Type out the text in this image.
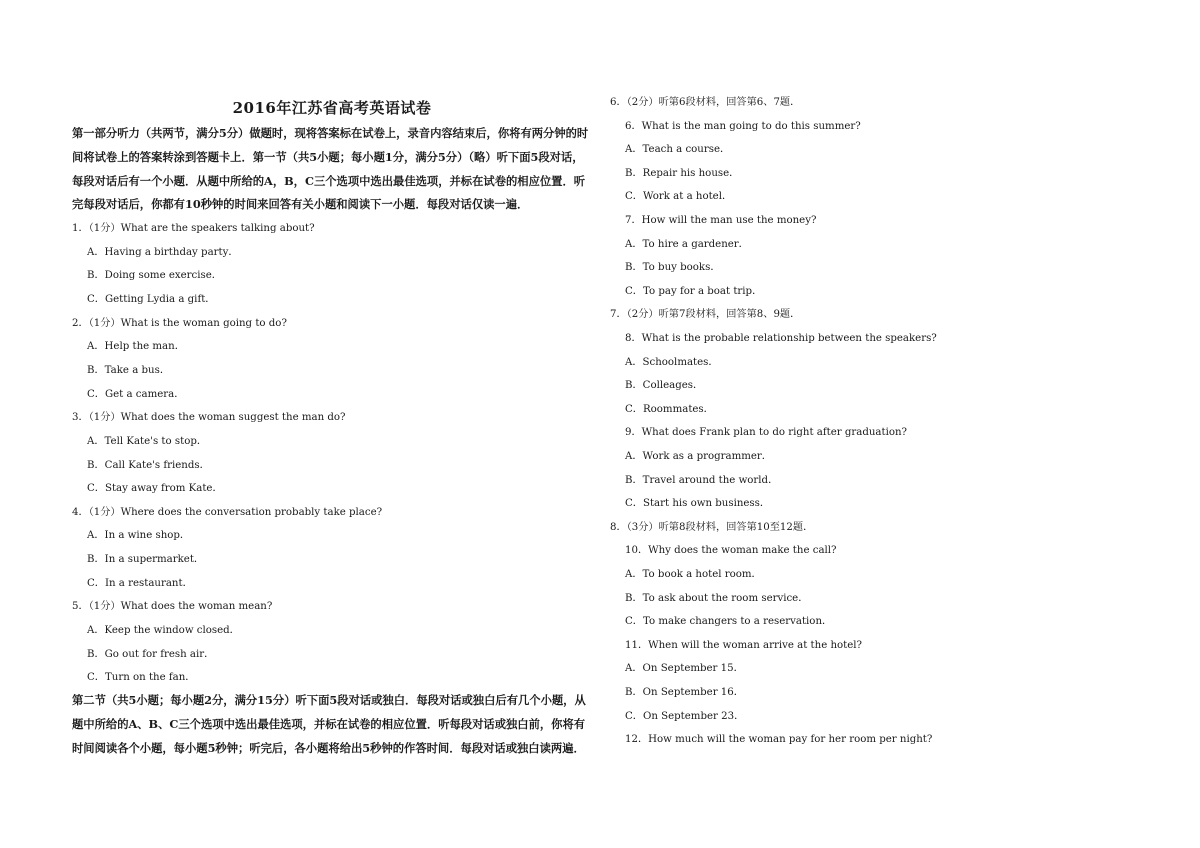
2016年江苏省高考英语试卷
第一部分听力（共两节，满分5分）做题时，现将答案标在试卷上，录音内容结束后，你将有两分钟的时间将试卷上的答案转涂到答题卡上．第一节（共5小题；每小题1分，满分5分）（略）听下面5段对话，每段对话后有一个小题．从题中所给的A，B，C三个选项中选出最佳选项，并标在试卷的相应位置．听完每段对话后，你都有10秒钟的时间来回答有关小题和阅读下一小题．每段对话仅读一遍．
1．（1分）What are the speakers talking about?
A．Having a birthday party．
B．Doing some exercise．
C．Getting Lydia a gift．
2．（1分）What is the woman going to do?
A．Help the man．
B．Take a bus．
C．Get a camera．
3．（1分）What does the woman suggest the man do?
A．Tell Kate's to stop．
B．Call Kate's friends．
C．Stay away from Kate．
4．（1分）Where does the conversation probably take place?
A．In a wine shop．
B．In a supermarket．
C．In a restaurant．
5．（1分）What does the woman mean?
A．Keep the window closed．
B．Go out for fresh air．
C．Turn on the fan．
第二节（共5小题；每小题2分，满分15分）听下面5段对话或独白．每段对话或独白后有几个小题，从题中所给的A、B、C三个选项中选出最佳选项，并标在试卷的相应位置．听每段对话或独白前，你将有时间阅读各个小题，每小题5秒钟；听完后，各小题将给出5秒钟的作答时间．每段对话或独白读两遍．
6．（2分）听第6段材料，回答第6、7题．
6．What is the man going to do this summer?
A．Teach a course．
B．Repair his house．
C．Work at a hotel．
7．How will the man use the money?
A．To hire a gardener．
B．To buy books．
C．To pay for a boat trip．
7．（2分）听第7段材料，回答第8、9题．
8．What is the probable relationship between the speakers?
A．Schoolmates．
B．Colleages．
C．Roommates．
9．What does Frank plan to do right after graduation?
A．Work as a programmer．
B．Travel around the world．
C．Start his own business．
8．（3分）听第8段材料，回答第10至12题．
10．Why does the woman make the call?
A．To book a hotel room．
B．To ask about the room service．
C．To make changers to a reservation．
11．When will the woman arrive at the hotel?
A．On September 15．
B．On September 16．
C．On September 23．
12．How much will the woman pay for her room per night?
